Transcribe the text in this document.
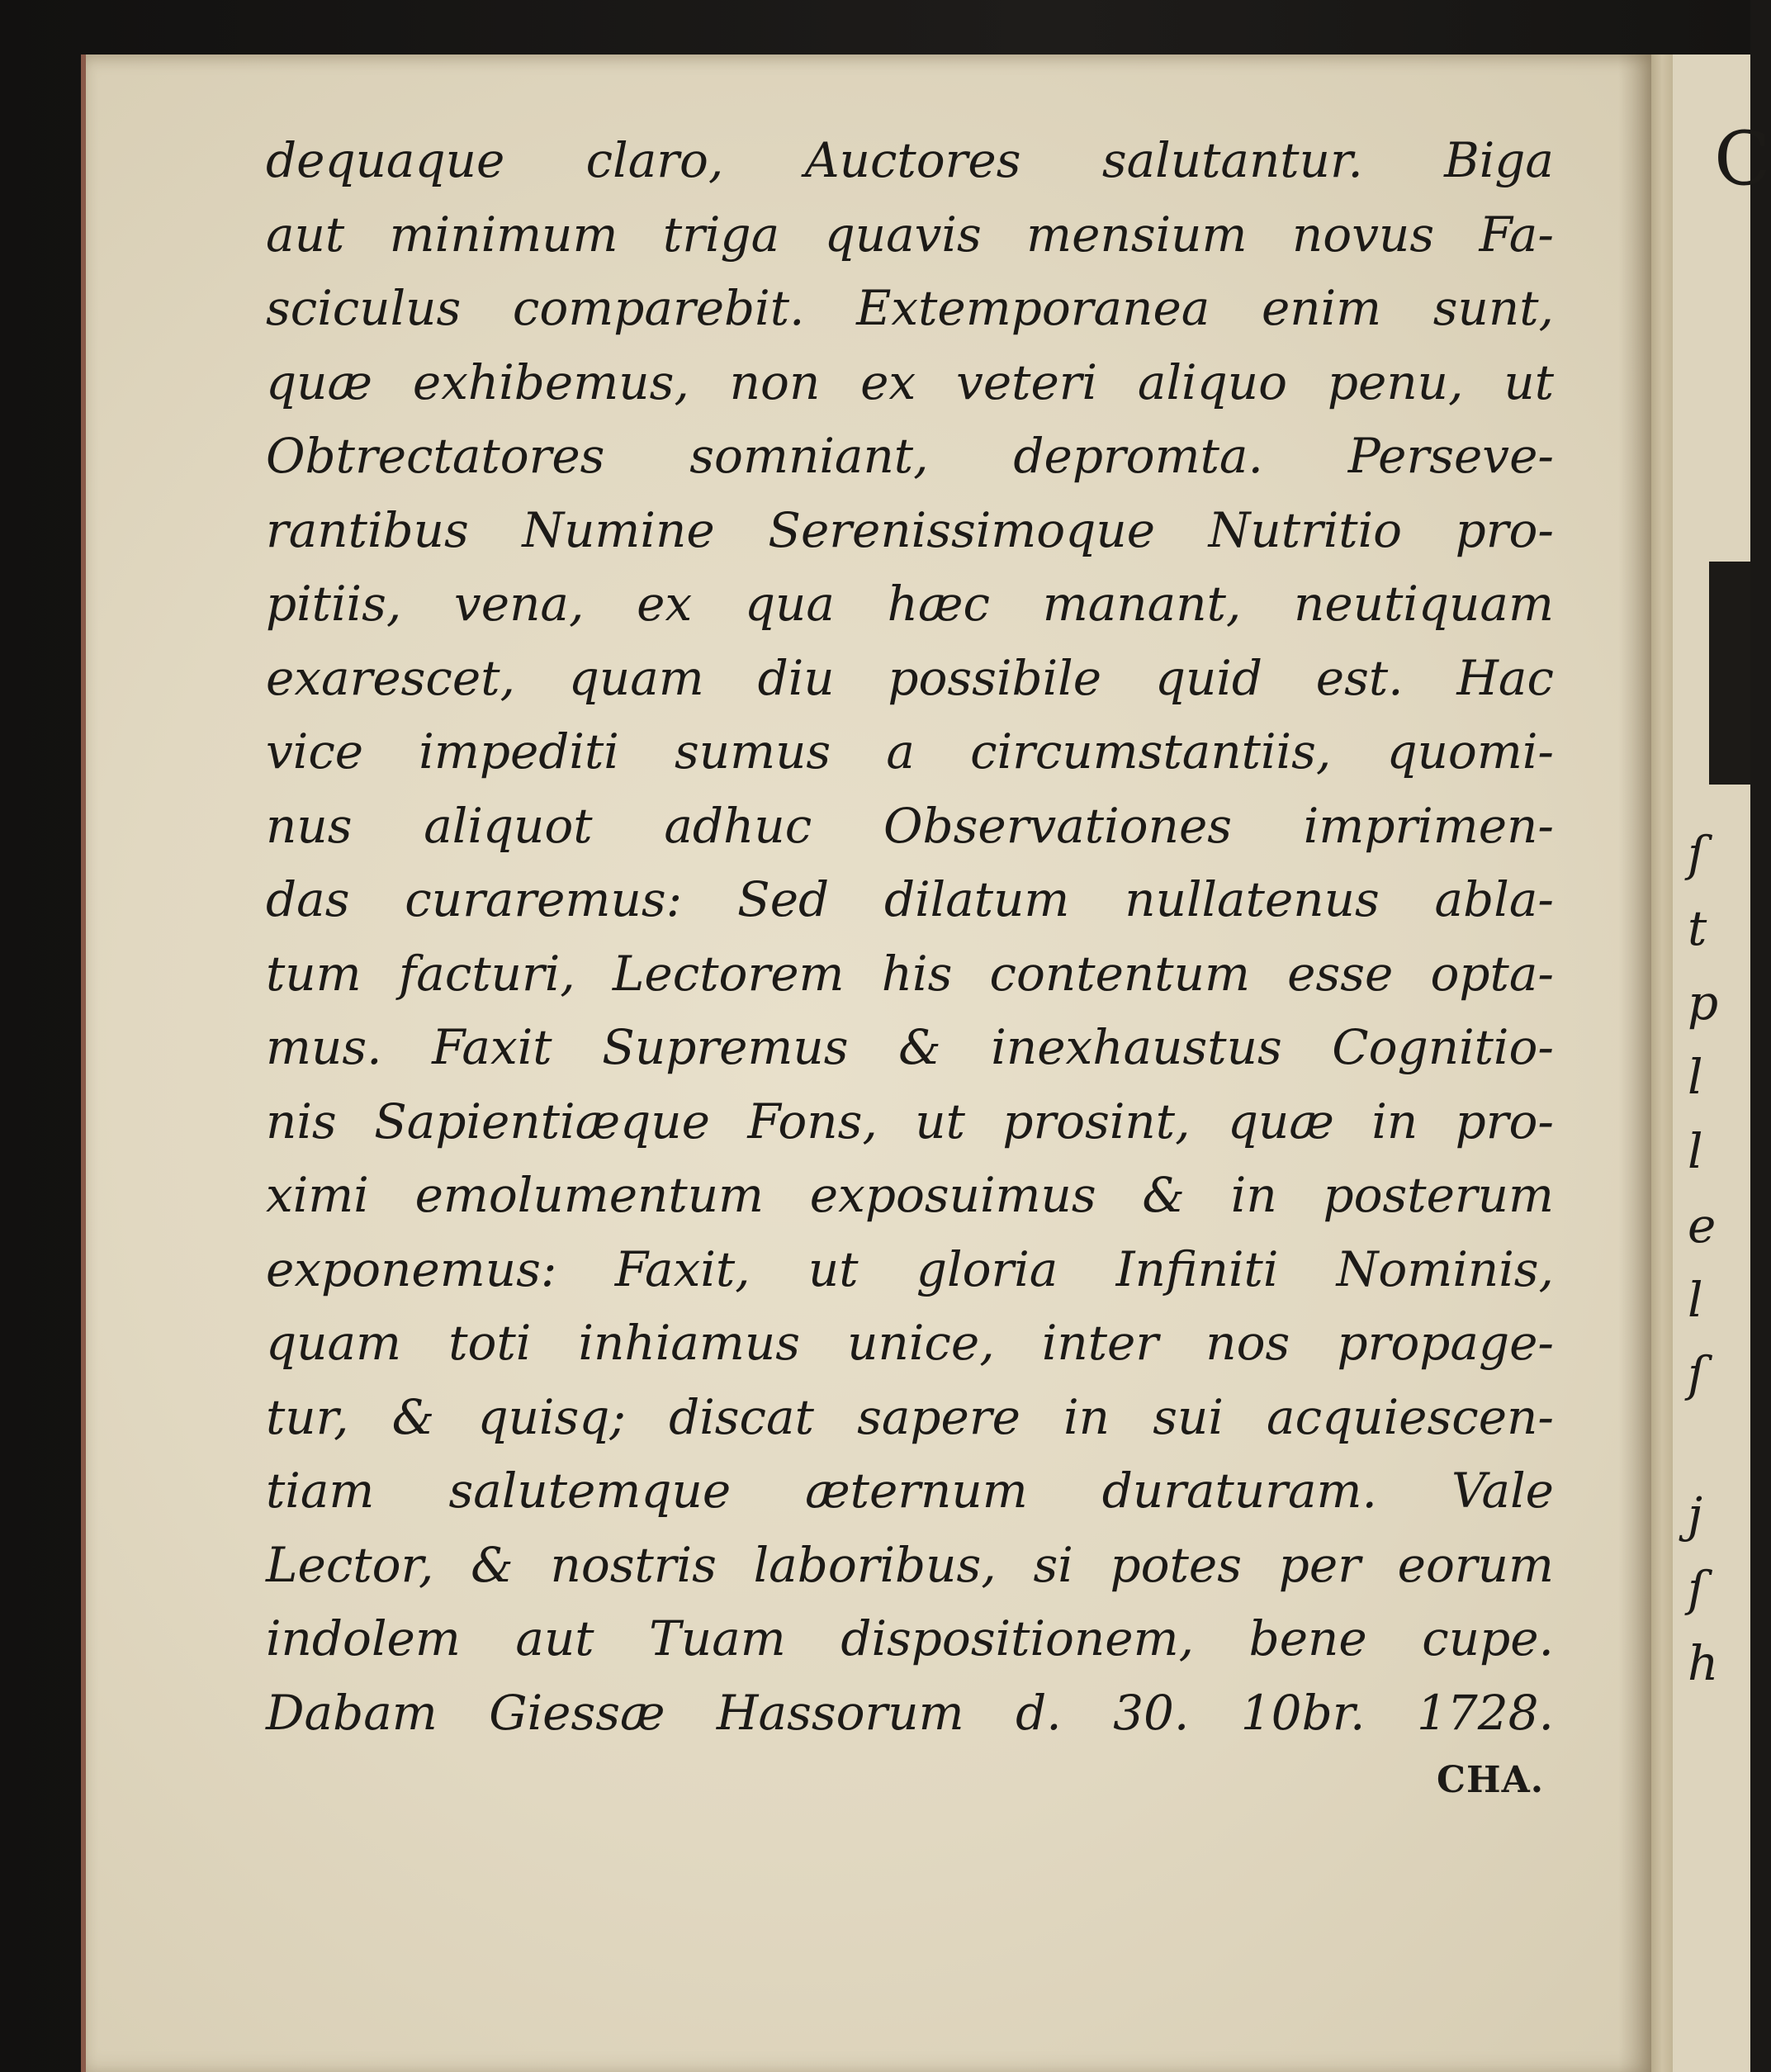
C
ſ
t
p
l
l
e
l
ſ
j
ſ
h
dequaque claro, Auctores salutantur. Biga
aut minimum triga quavis mensium novus Fa-
sciculus comparebit. Extemporanea enim sunt,
quæ exhibemus, non ex veteri aliquo penu, ut
Obtrectatores somniant, depromta. Perseve-
rantibus Numine Serenissimoque Nutritio pro-
pitiis, vena, ex qua hæc manant, neutiquam
exarescet, quam diu possibile quid est. Hac
vice impediti sumus a circumstantiis, quomi-
nus aliquot adhuc Observationes imprimen-
das curaremus: Sed dilatum nullatenus abla-
tum facturi, Lectorem his contentum esse opta-
mus. Faxit Supremus & inexhaustus Cognitio-
nis Sapientiæque Fons, ut prosint, quæ in pro-
ximi emolumentum exposuimus & in posterum
exponemus: Faxit, ut gloria Infiniti Nominis,
quam toti inhiamus unice, inter nos propage-
tur, & quisq; discat sapere in sui acquiescen-
tiam salutemque æternum duraturam. Vale
Lector, & nostris laboribus, si potes per eorum
indolem aut Tuam dispositionem, bene cupe.
Dabam Giessæ Hassorum d. 30. 10br. 1728.
CHA.
